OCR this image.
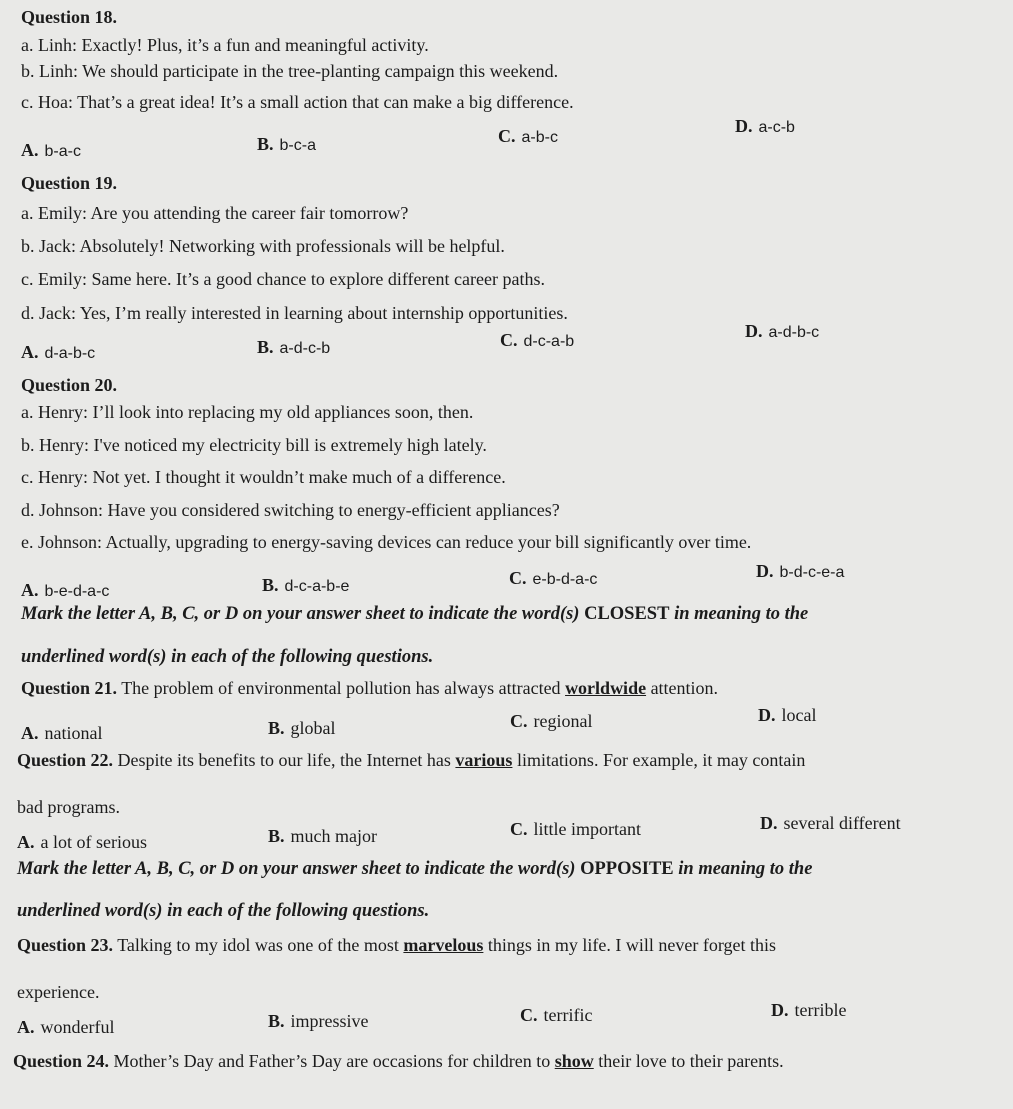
Question 18.
a. Linh: Exactly! Plus, it’s a fun and meaningful activity.
b. Linh: We should participate in the tree-planting campaign this weekend.
c. Hoa: That’s a great idea! It’s a small action that can make a big difference.
A. b-a-c	B. b-c-a	C. a-b-c
D. a-c-b
Question 19.
a. Emily: Are you attending the career fair tomorrow?
b. Jack: Absolutely! Networking with professionals will be helpful.
c. Emily: Same here. It’s a good chance to explore different career paths.
d. Jack: Yes, I’m really interested in learning about internship opportunities.
A. d-a-b-c	B. a-d-c-b	C. d-c-a-b
D. a-d-b-c
Question 20.
a. Henry: I’ll look into replacing my old appliances soon, then.
b. Henry: I've noticed my electricity bill is extremely high lately.
c. Henry: Not yet. I thought it wouldn’t make much of a difference.
d. Johnson: Have you considered switching to energy-efficient appliances?
e. Johnson: Actually, upgrading to energy-saving devices can reduce your bill significantly over time.
A. b-e-d-a-c	B. d-c-a-b-e	C. e-b-d-a-c	D. b-d-c-e-a
Mark the letter A, B, C, or D on your answer sheet to indicate the word(s) CLOSEST in meaning to the
underlined word(s) in each of the following questions.
Question 21. The problem of environmental pollution has always attracted worldwide attention.
A. national	B. global	C. regional	D. local
Question 22. Despite its benefits to our life, the Internet has various limitations. For example, it may contain
bad programs.
A. a lot of serious	B. much major	C. little important	D. several different
Mark the letter A, B, C, or D on your answer sheet to indicate the word(s) OPPOSITE in meaning to the
underlined word(s) in each of the following questions.
Question 23. Talking to my idol was one of the most marvelous things in my life. I will never forget this
experience.
A. wonderful	B. impressive	C. terrific	D. terrible
Question 24. Mother’s Day and Father’s Day are occasions for children to show their love to their parents.
